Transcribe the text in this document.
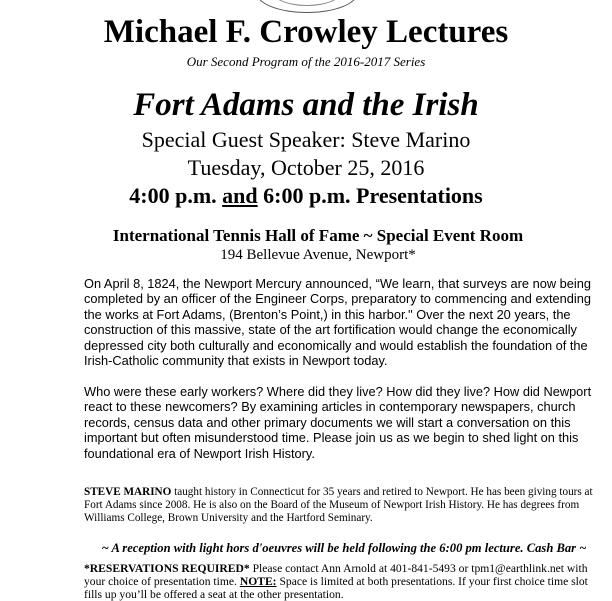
Michael F. Crowley Lectures
Our Second Program of the 2016-2017 Series
Fort Adams and the Irish
Special Guest Speaker: Steve Marino
Tuesday, October 25, 2016
4:00 p.m. and 6:00 p.m. Presentations
International Tennis Hall of Fame ~ Special Event Room
194 Bellevue Avenue, Newport*

On April 8, 1824, the Newport Mercury announced, “We learn, that surveys are now being completed by an officer of the Engineer Corps, preparatory to commencing and extending the works at Fort Adams, (Brenton’s Point,) in this harbor." Over the next 20 years, the construction of this massive, state of the art fortification would change the economically depressed city both culturally and economically and would establish the foundation of the Irish-Catholic community that exists in Newport today.

Who were these early workers? Where did they live? How did they live? How did Newport react to these newcomers? By examining articles in contemporary newspapers, church records, census data and other primary documents we will start a conversation on this important but often misunderstood time. Please join us as we begin to shed light on this foundational era of Newport Irish History.

STEVE MARINO taught history in Connecticut for 35 years and retired to Newport. He has been giving tours at Fort Adams since 2008. He is also on the Board of the Museum of Newport Irish History. He has degrees from Williams College, Brown University and the Hartford Seminary.

~ A reception with light hors d'oeuvres will be held following the 6:00 pm lecture. Cash Bar ~

*RESERVATIONS REQUIRED* Please contact Ann Arnold at 401-841-5493 or tpm1@earthlink.net with your choice of presentation time. NOTE: Space is limited at both presentations. If your first choice time slot fills up you’ll be offered a seat at the other presentation.
